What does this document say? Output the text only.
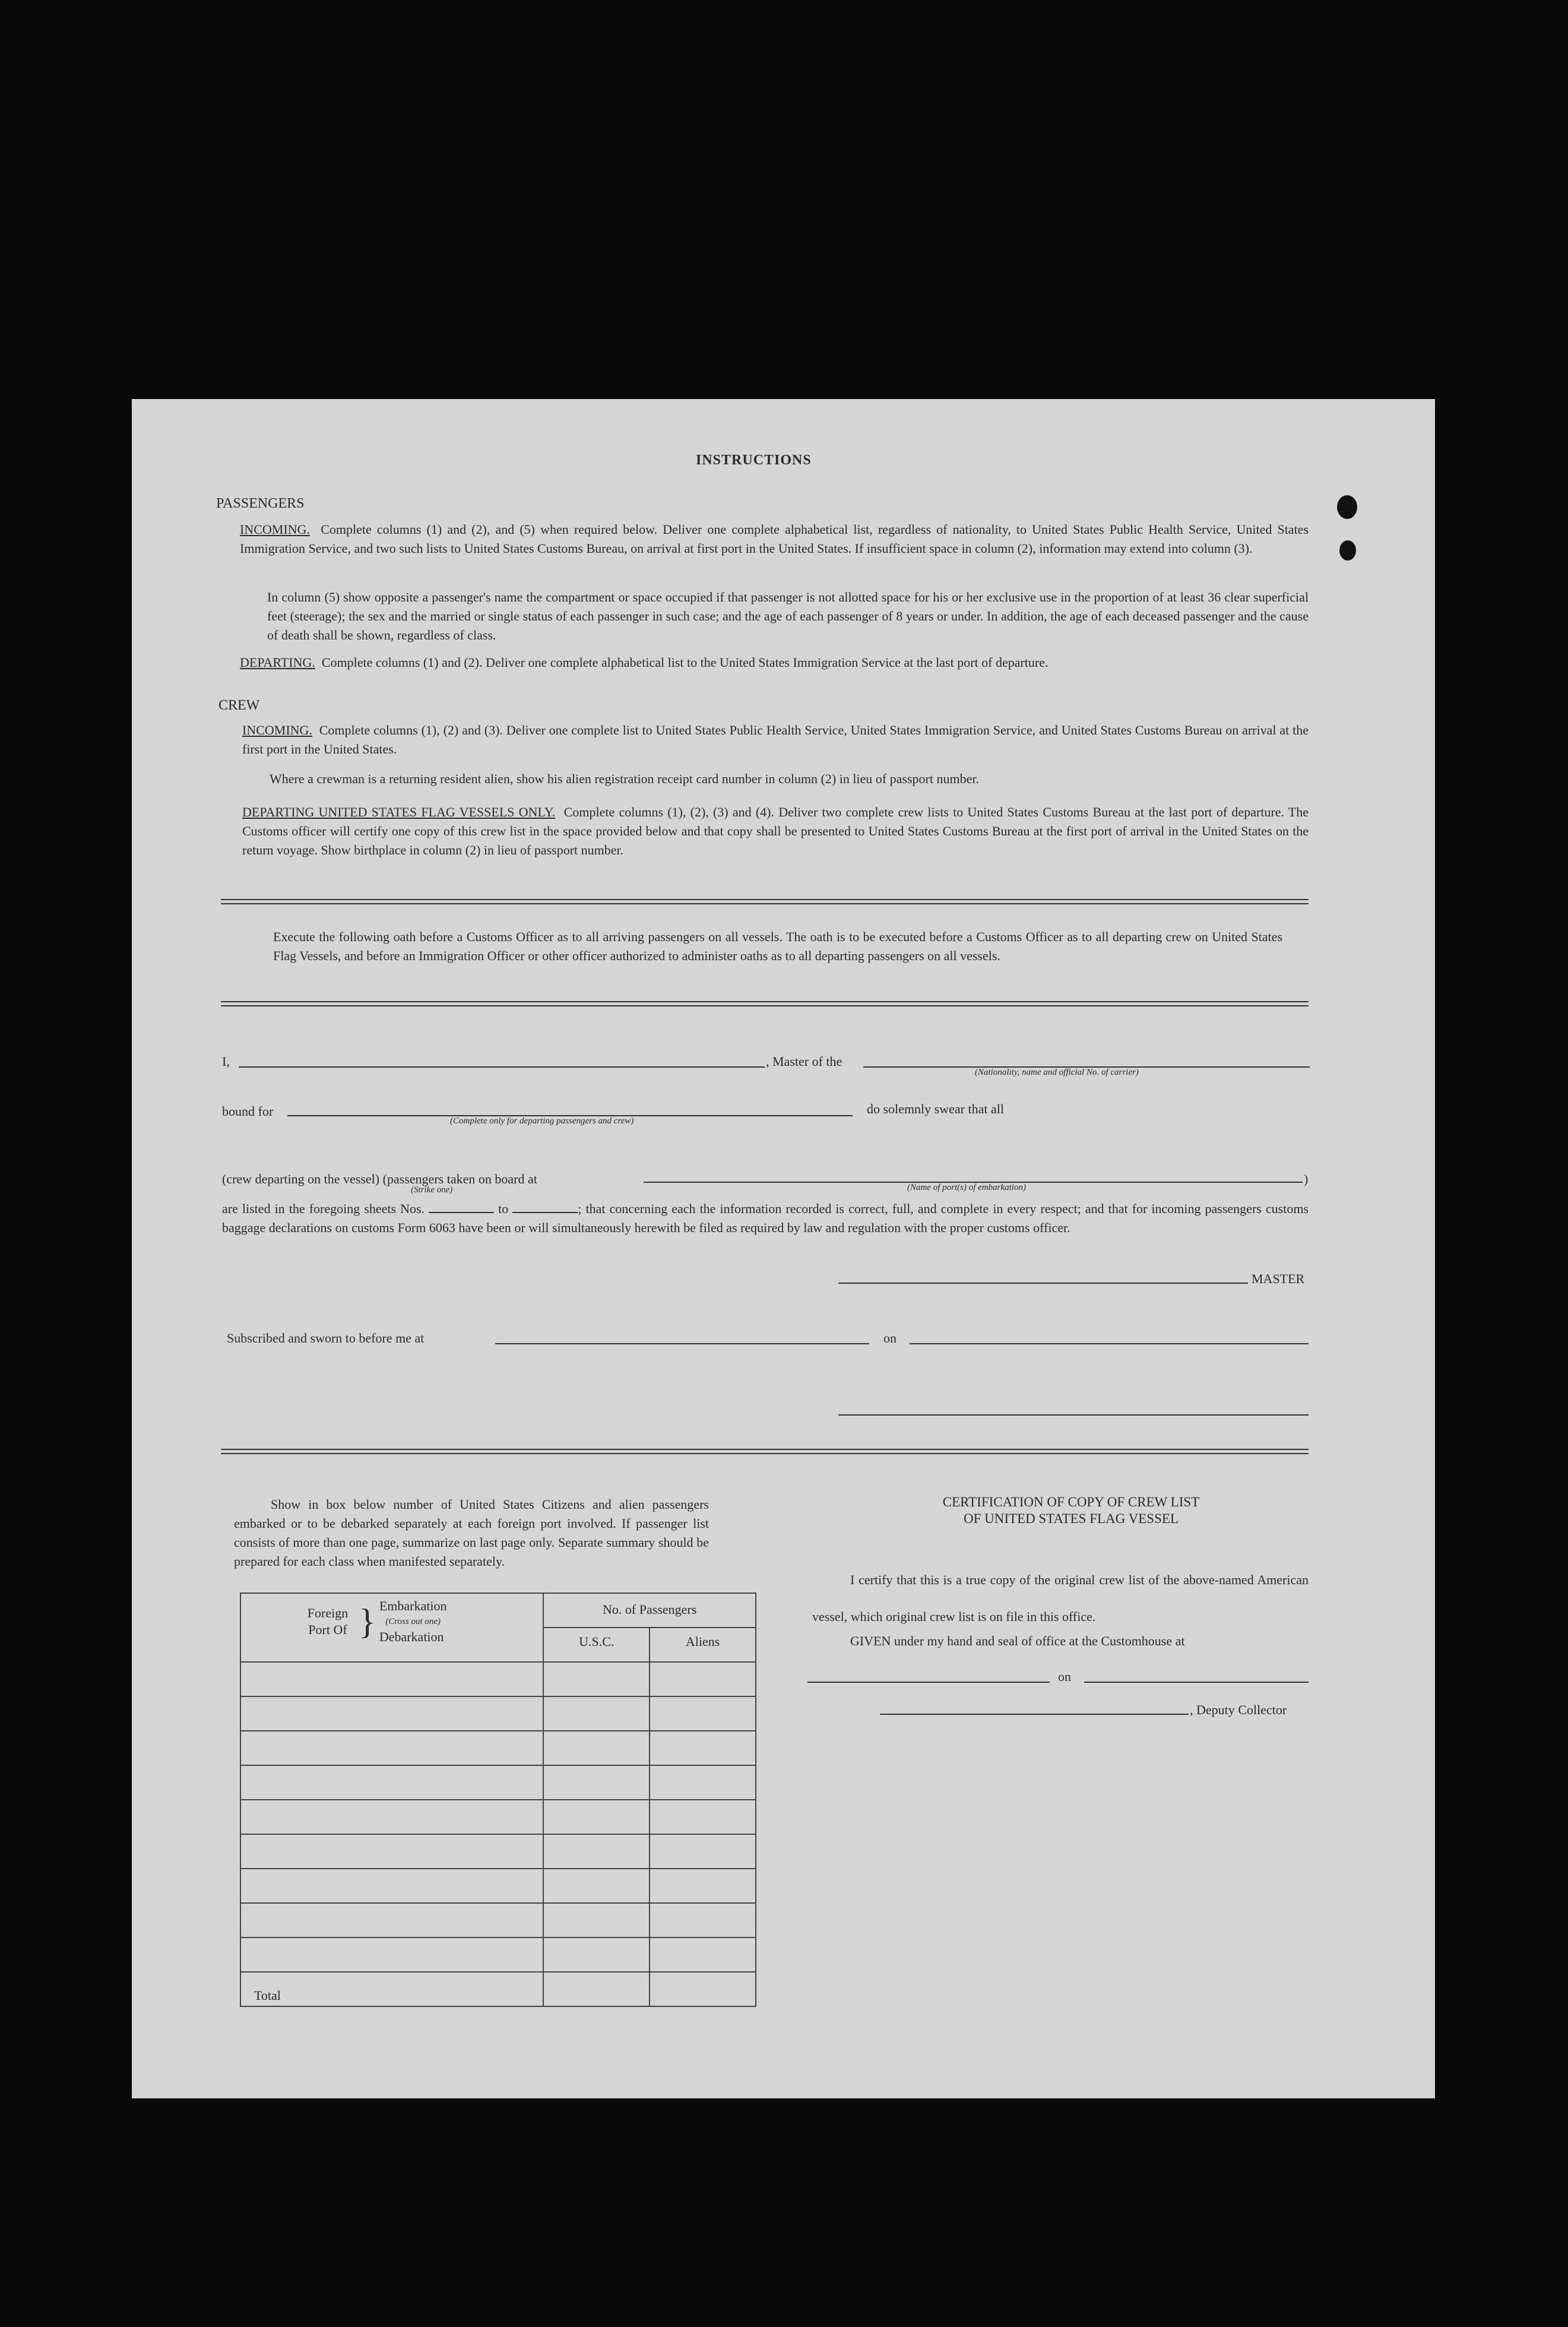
INSTRUCTIONS
PASSENGERS
INCOMING. Complete columns (1) and (2), and (5) when required below. Deliver one complete alphabetical list, regardless of nationality, to United States Public Health Service, United States Immigration Service, and two such lists to United States Customs Bureau, on arrival at first port in the United States. If insufficient space in column (2), information may extend into column (3).
In column (5) show opposite a passenger's name the compartment or space occupied if that passenger is not allotted space for his or her exclusive use in the proportion of at least 36 clear superficial feet (steerage); the sex and the married or single status of each passenger in such case; and the age of each passenger of 8 years or under. In addition, the age of each deceased passenger and the cause of death shall be shown, regardless of class.
DEPARTING. Complete columns (1) and (2). Deliver one complete alphabetical list to the United States Immigration Service at the last port of departure.
CREW
INCOMING. Complete columns (1), (2) and (3). Deliver one complete list to United States Public Health Service, United States Immigration Service, and United States Customs Bureau on arrival at the first port in the United States.
Where a crewman is a returning resident alien, show his alien registration receipt card number in column (2) in lieu of passport number.
DEPARTING UNITED STATES FLAG VESSELS ONLY. Complete columns (1), (2), (3) and (4). Deliver two complete crew lists to United States Customs Bureau at the last port of departure. The Customs officer will certify one copy of this crew list in the space provided below and that copy shall be presented to United States Customs Bureau at the first port of arrival in the United States on the return voyage. Show birthplace in column (2) in lieu of passport number.
Execute the following oath before a Customs Officer as to all arriving passengers on all vessels. The oath is to be executed before a Customs Officer as to all departing crew on United States Flag Vessels, and before an Immigration Officer or other officer authorized to administer oaths as to all departing passengers on all vessels.
I,	, Master of the
(Nationality, name and official No. of carrier)
bound for
(Complete only for departing passengers and crew)
do solemnly swear that all
(crew departing on the vessel) (passengers taken on board at
(Strike one)
)
(Name of port(s) of embarkation)
are listed in the foregoing sheets Nos.	to	; that concerning each the information recorded is correct, full, and complete in every respect; and that for incoming passengers customs baggage declarations on customs Form 6063 have been or will simultaneously herewith be filed as required by law and regulation with the proper customs officer.
MASTER
Subscribed and sworn to before me at	on
Show in box below number of United States Citizens and alien passengers embarked or to be debarked separately at each foreign port involved. If passenger list consists of more than one page, summarize on last page only. Separate summary should be prepared for each class when manifested separately.
Foreign Port Of } Embarkation
(Cross out one)
Debarkation	No. of Passengers	
	U.S.C.	Aliens

Total		
CERTIFICATION OF COPY OF CREW LIST
OF UNITED STATES FLAG VESSEL
I certify that this is a true copy of the original crew list of the above-named American vessel, which original crew list is on file in this office.
GIVEN under my hand and seal of office at the Customhouse at
on
, Deputy Collector
